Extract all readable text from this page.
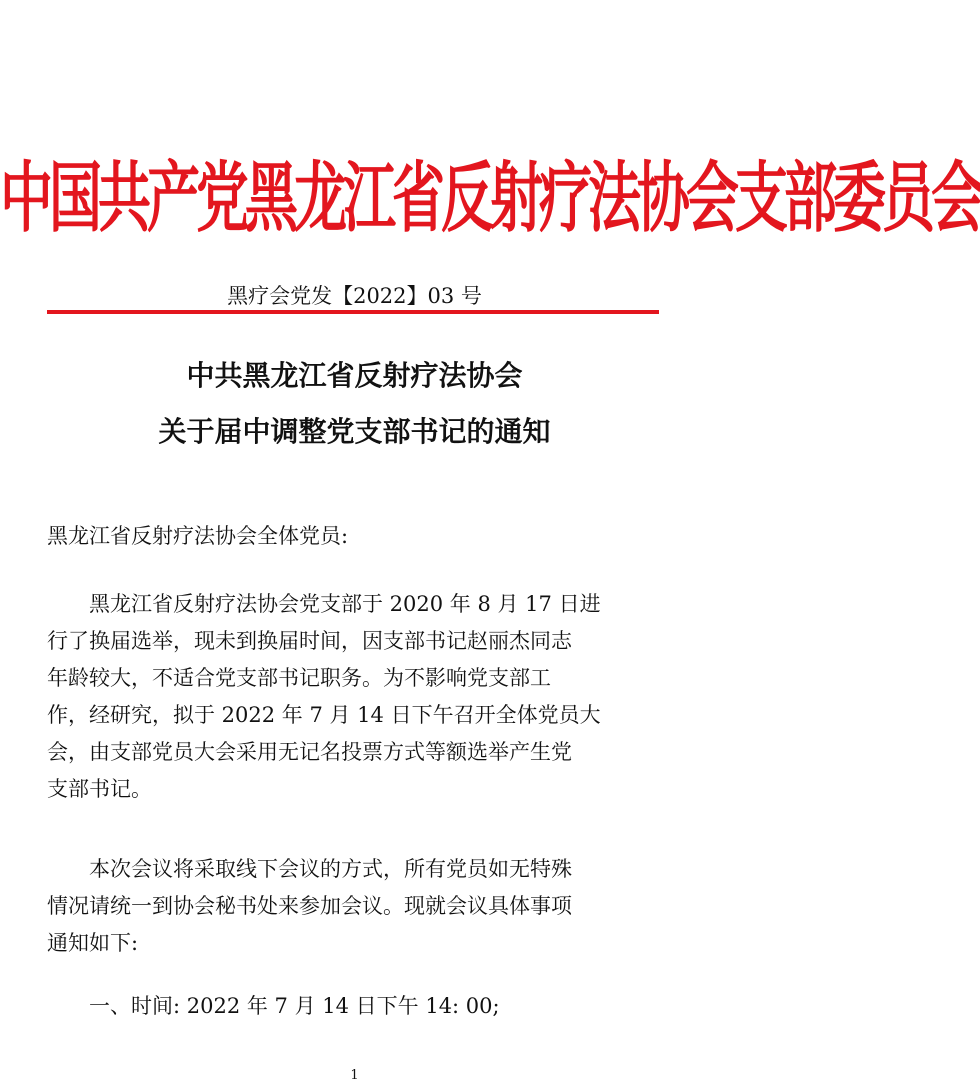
中国共产党黑龙江省反射疗法协会支部委员会
黑疗会党发【2022】03 号
中共黑龙江省反射疗法协会
关于届中调整党支部书记的通知
黑龙江省反射疗法协会全体党员:
黑龙江省反射疗法协会党支部于 2020 年 8 月 17 日进
行了换届选举，现未到换届时间，因支部书记赵丽杰同志
年龄较大，不适合党支部书记职务。为不影响党支部工
作，经研究，拟于 2022 年 7 月 14 日下午召开全体党员大
会，由支部党员大会采用无记名投票方式等额选举产生党
支部书记。
本次会议将采取线下会议的方式，所有党员如无特殊
情况请统一到协会秘书处来参加会议。现就会议具体事项
通知如下:
一、时间: 2022 年 7 月 14 日下午 14: 00;
1
